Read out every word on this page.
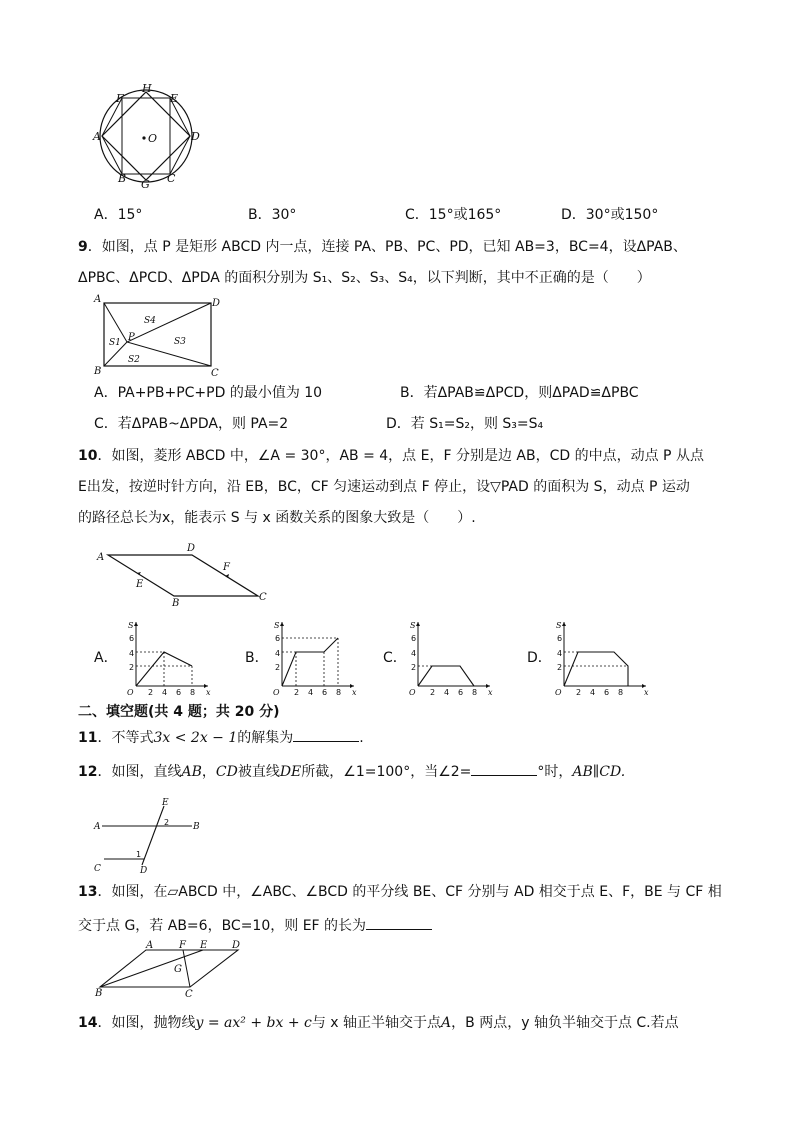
F
H
E
A	O	D
B G C
A．15°	B．30°	C．15°或165°	D．30°或150°
9．如图，点 P 是矩形 ABCD 内一点，连接 PA、PB、PC、PD，已知 AB=3，BC=4，设ΔPAB、
ΔPBC、ΔPCD、ΔPDA 的面积分别为 S₁、S₂、S₃、S₄，以下判断，其中不正确的是（　　）
A	D
B	C
P
S4
S1	S3
S2
A．PA+PB+PC+PD 的最小值为 10	B．若ΔPAB≌ΔPCD，则ΔPAD≌ΔPBC
C．若ΔPAB~ΔPDA，则 PA=2	D．若 S₁=S₂，则 S₃=S₄
10．如图，菱形 ABCD 中，∠A = 30°，AB = 4，点 E，F 分别是边 AB，CD 的中点，动点 P 从点
E出发，按逆时针方向，沿 EB，BC，CF 匀速运动到点 F 停止，设▽PAD 的面积为 S，动点 P 运动
的路径总长为x，能表示 S 与 x 函数关系的图象大致是（　　）.
A
D
F
E
B
C
A．	B．	C．	D．
S
x
O
6
4
2
2 4 6 8
S
x
O
6
4
2
2 4 6 8
S
x
O
6
4
2
2 4 6 8
S
x
O
6
4
2
2 4 6 8
二、填空题(共 4 题；共 20 分)
11．不等式3x < 2x − 1的解集为	.
12．如图，直线AB，CD被直线DE所截，∠1=100°，当∠2=	°时，AB∥CD.
E
A	B
2
1
C	D
13．如图，在▱ABCD 中，∠ABC、∠BCD 的平分线 BE、CF 分别与 AD 相交于点 E、F，BE 与 CF 相
交于点 G，若 AB=6，BC=10，则 EF 的长为
A	F E D
G
B	C
14．如图，抛物线y = ax² + bx + c与 x 轴正半轴交于点A，B 两点，y 轴负半轴交于点 C.若点
